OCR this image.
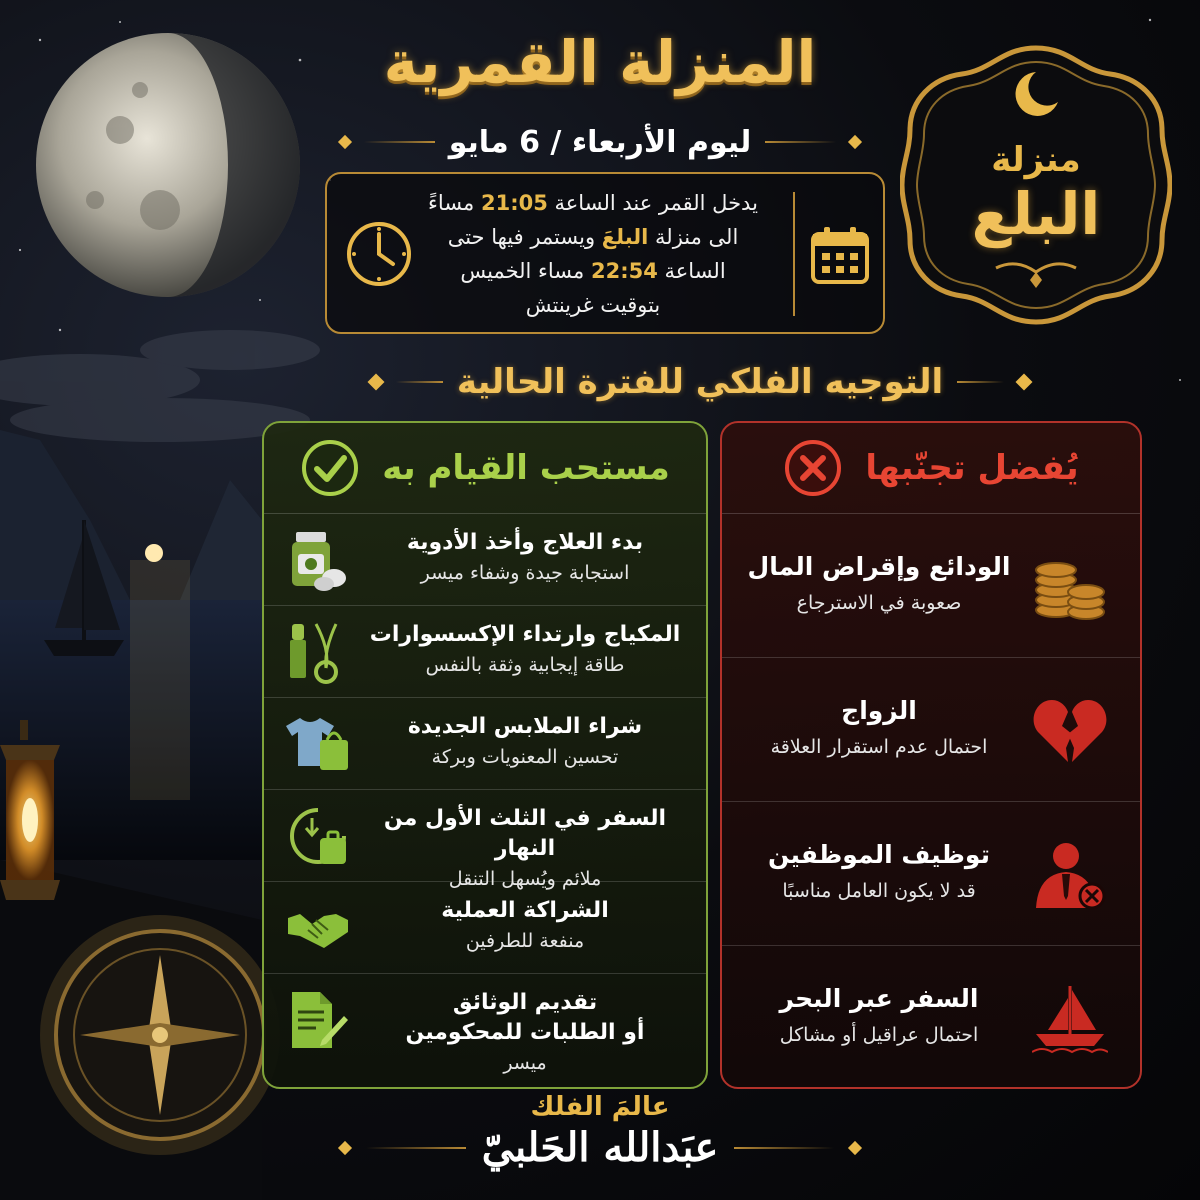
المنزلة القمرية
ليوم الأربعاء / 6 مايو
يدخل القمر عند الساعة 21:05 مساءً
الى منزلة البلعَ ويستمر فيها حتى
الساعة 22:54 مساء الخميس
بتوقيت غرينتش
منزلة
البلع
التوجيه الفلكي للفترة الحالية
مستحب القيام به
بدء العلاج وأخذ الأدوية
استجابة جيدة وشفاء ميسر
المكياج وارتداء الإكسسوارات
طاقة إيجابية وثقة بالنفس
شراء الملابس الجديدة
تحسين المعنويات وبركة
السفر في الثلث الأول من النهار
ملائم ويُسهل التنقل
الشراكة العملية
منفعة للطرفين
تقديم الوثائق
أو الطلبات للمحكومين
ميسر
يُفضل تجنّبها
الودائع وإقراض المال
صعوبة في الاسترجاع
الزواج
احتمال عدم استقرار العلاقة
توظيف الموظفين
قد لا يكون العامل مناسبًا
السفر عبر البحر
احتمال عراقيل أو مشاكل
عالمَ الفلك
عبَدالله الحَلبيّ
